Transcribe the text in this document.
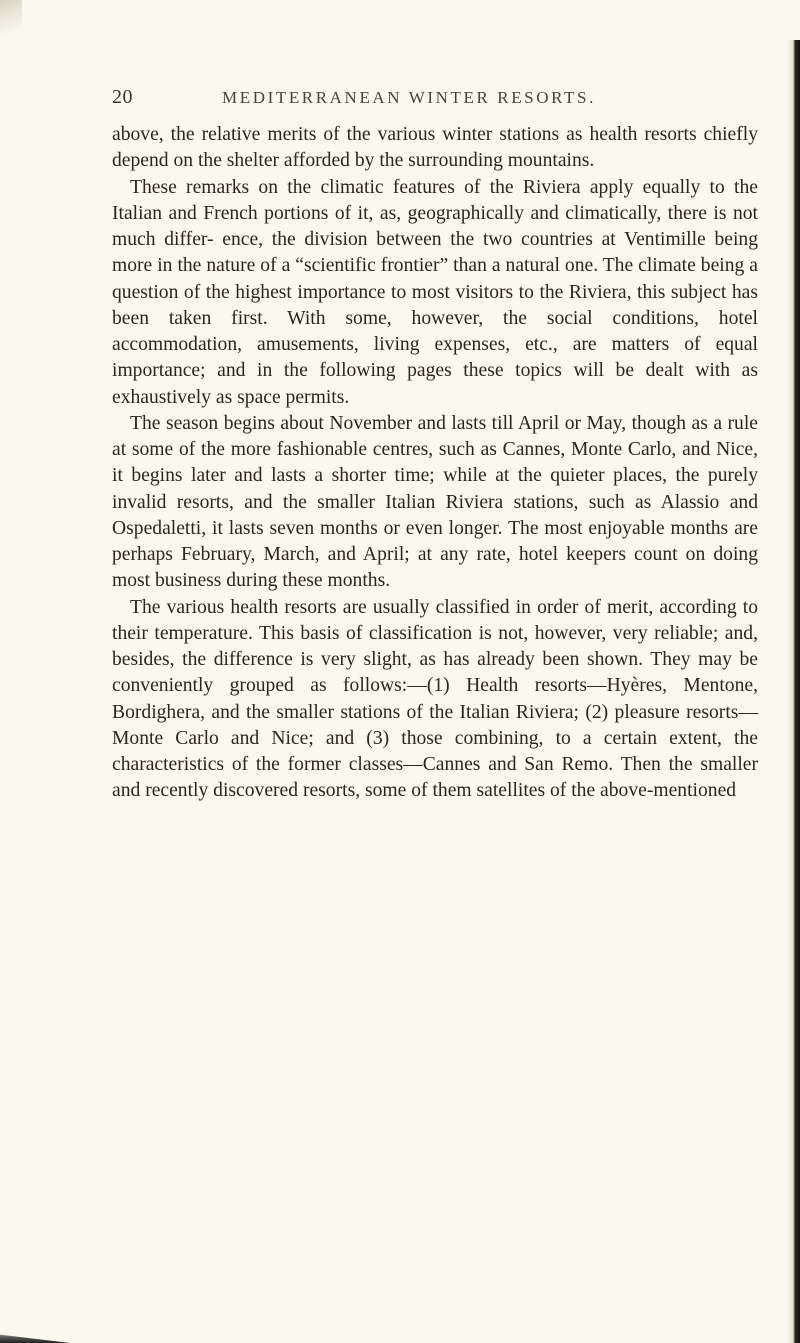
20	MEDITERRANEAN WINTER RESORTS.

above, the relative merits of the various winter stations as health resorts chiefly depend on the shelter afforded by the surrounding mountains.

These remarks on the climatic features of the Riviera apply equally to the Italian and French portions of it, as, geographically and climatically, there is not much differ- ence, the division between the two countries at Ventimille being more in the nature of a “scientific frontier” than a natural one. The climate being a question of the highest importance to most visitors to the Riviera, this subject has been taken first. With some, however, the social conditions, hotel accommodation, amusements, living expenses, etc., are matters of equal importance; and in the following pages these topics will be dealt with as exhaustively as space permits.

The season begins about November and lasts till April or May, though as a rule at some of the more fashionable centres, such as Cannes, Monte Carlo, and Nice, it begins later and lasts a shorter time; while at the quieter places, the purely invalid resorts, and the smaller Italian Riviera stations, such as Alassio and Ospedaletti, it lasts seven months or even longer. The most enjoyable months are perhaps February, March, and April; at any rate, hotel keepers count on doing most business during these months.

The various health resorts are usually classified in order of merit, according to their temperature. This basis of classification is not, however, very reliable; and, besides, the difference is very slight, as has already been shown. They may be conveniently grouped as follows:—(1) Health resorts—Hyères, Mentone, Bordighera, and the smaller stations of the Italian Riviera; (2) pleasure resorts—Monte Carlo and Nice; and (3) those combining, to a certain extent, the characteristics of the former classes—Cannes and San Remo. Then the smaller and recently discovered resorts, some of them satellites of the above-mentioned
